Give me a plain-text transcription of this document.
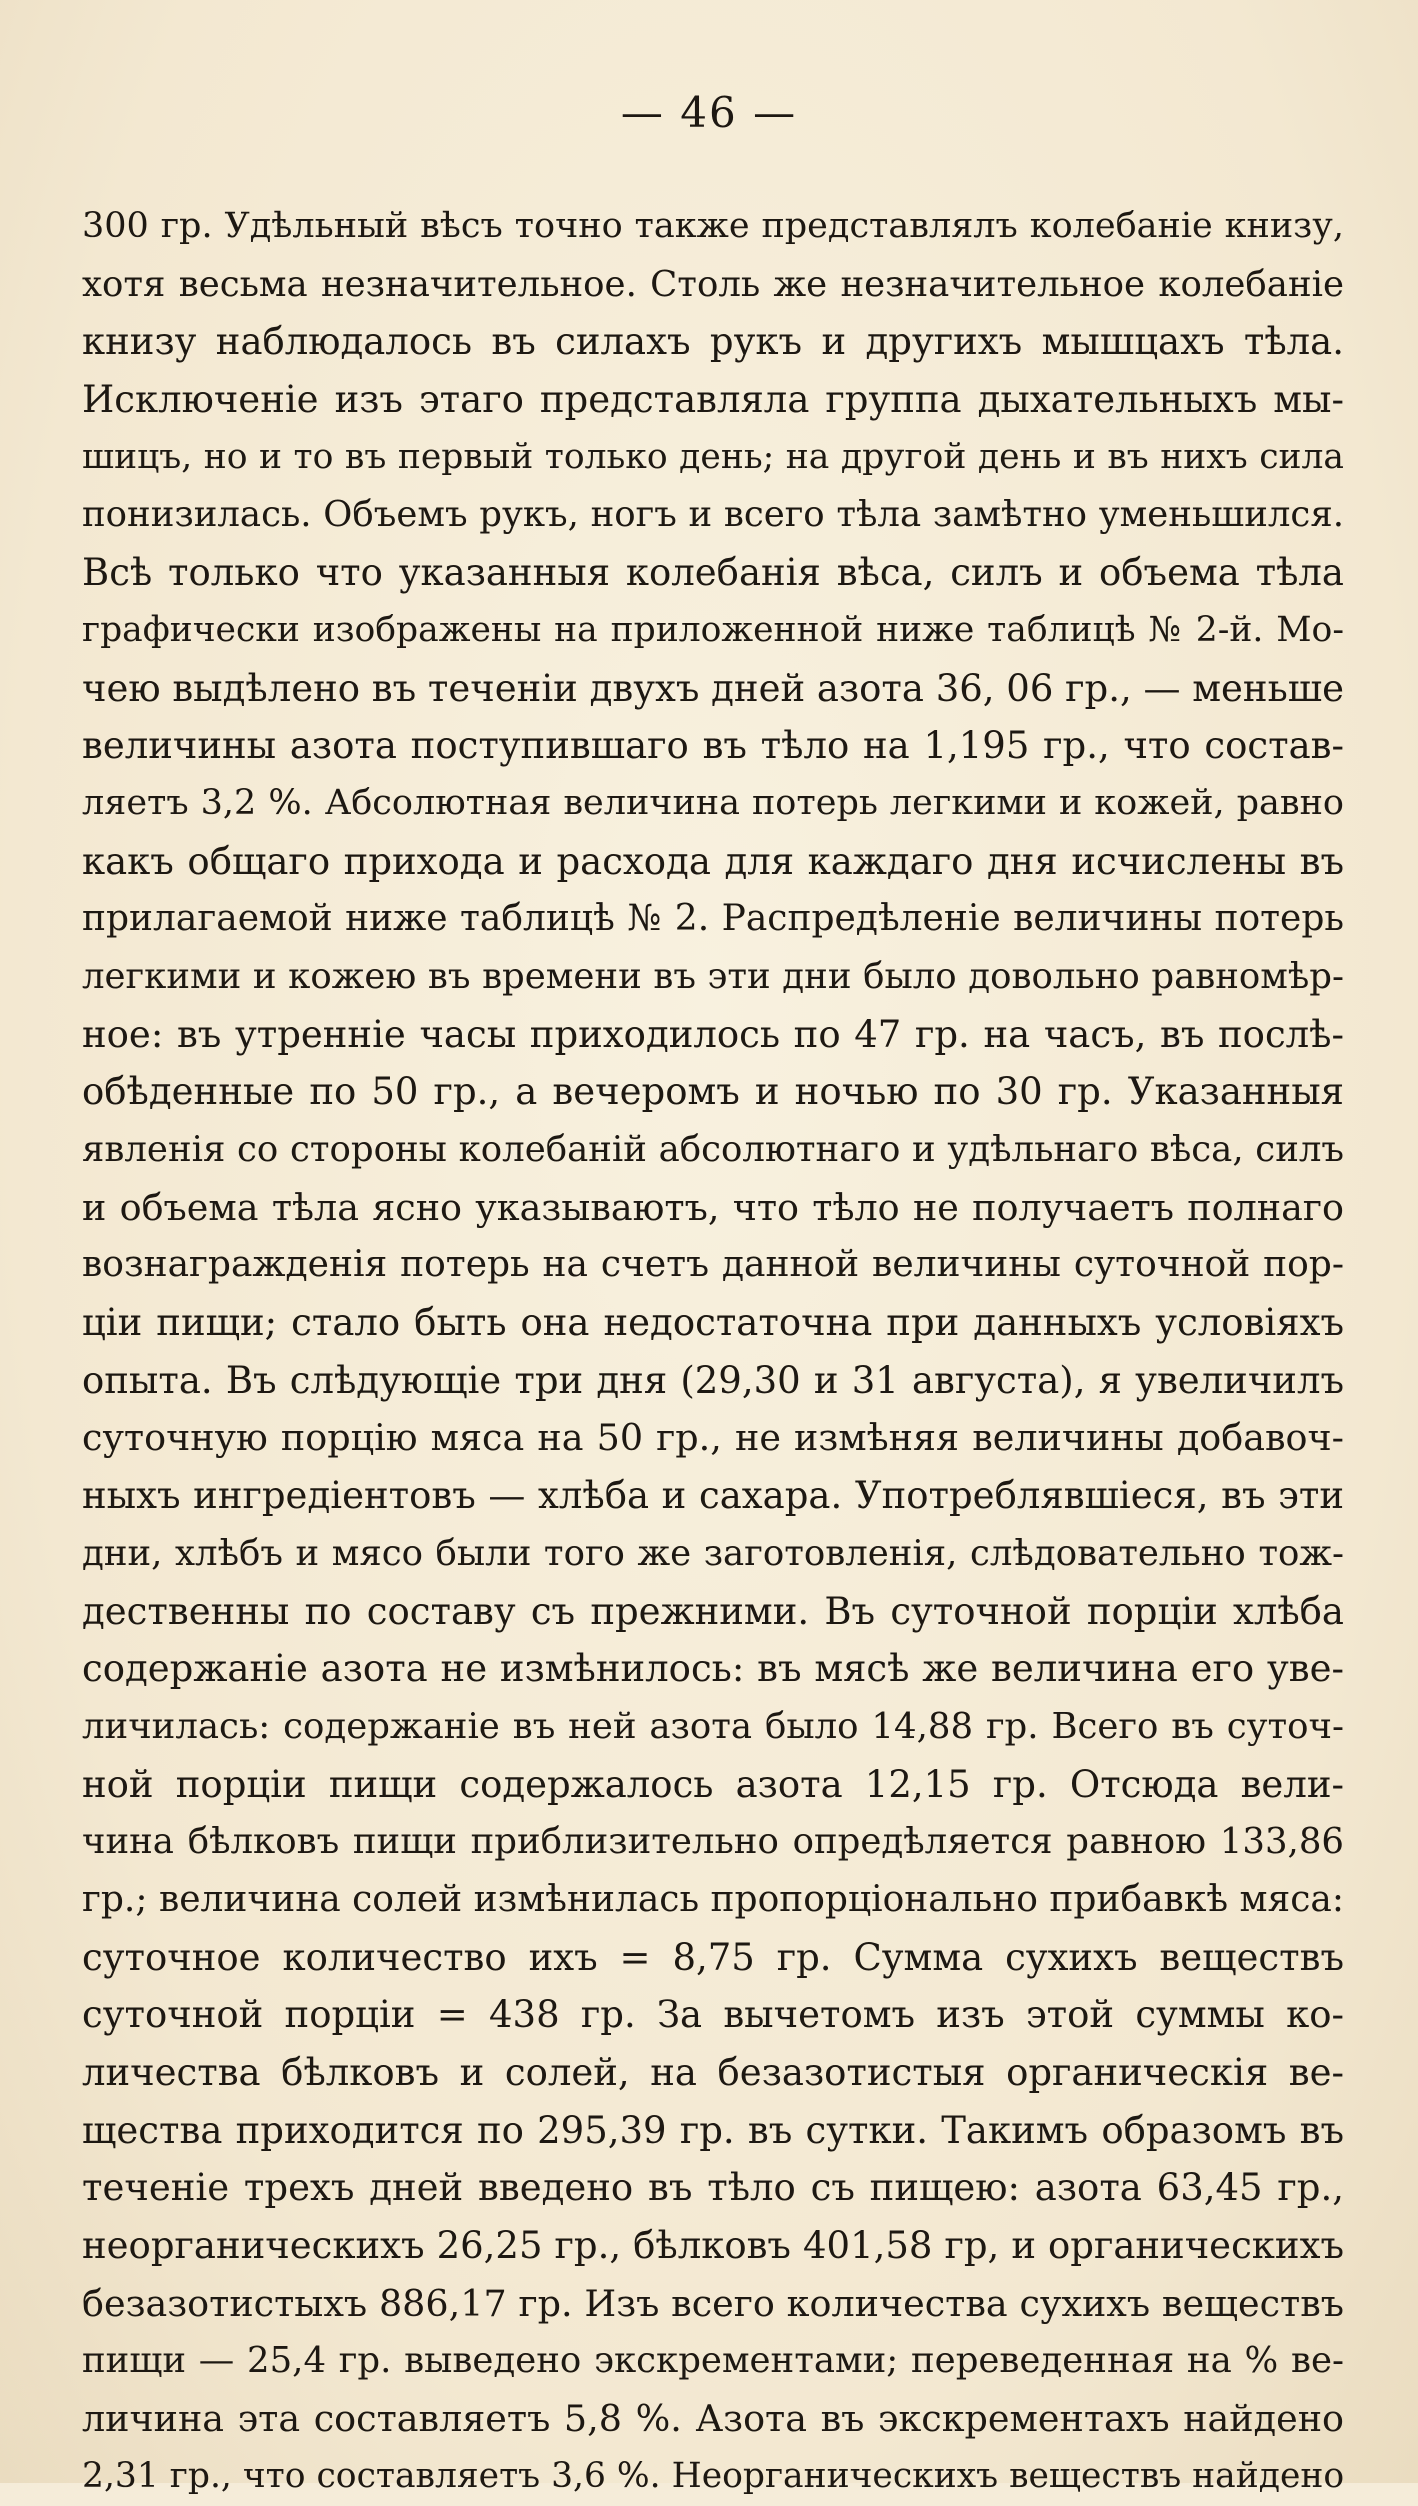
— 46 —
300 гр. Удѣльный вѣсъ точно также представлялъ колебаніе книзу,
хотя весьма незначительное. Столь же незначительное колебаніе
книзу наблюдалось въ силахъ рукъ и другихъ мышцахъ тѣла.
Исключеніе изъ этаго представляла группа дыхательныхъ мы-
шицъ, но и то въ первый только день; на другой день и въ нихъ сила
понизилась. Объемъ рукъ, ногъ и всего тѣла замѣтно уменьшился.
Всѣ только что указанныя колебанія вѣса, силъ и объема тѣла
графически изображены на приложенной ниже таблицѣ № 2-й. Мо-
чею выдѣлено въ теченіи двухъ дней азота 36, 06 гр., — меньше
величины азота поступившаго въ тѣло на 1,195 гр., что состав-
ляетъ 3,2 %. Абсолютная величина потерь легкими и кожей, равно
какъ общаго прихода и расхода для каждаго дня исчислены въ
прилагаемой ниже таблицѣ № 2. Распредѣленіе величины потерь
легкими и кожею въ времени въ эти дни было довольно равномѣр-
ное: въ утренніе часы приходилось по 47 гр. на часъ, въ послѣ-
обѣденные по 50 гр., а вечеромъ и ночью по 30 гр. Указанныя
явленія со стороны колебаній абсолютнаго и удѣльнаго вѣса, силъ
и объема тѣла ясно указываютъ, что тѣло не получаетъ полнаго
вознагражденія потерь на счетъ данной величины суточной пор-
ціи пищи; стало быть она недостаточна при данныхъ условіяхъ
опыта. Въ слѣдующіе три дня (29,30 и 31 августа), я увеличилъ
суточную порцію мяса на 50 гр., не измѣняя величины добавоч-
ныхъ ингредіентовъ — хлѣба и сахара. Употреблявшіеся, въ эти
дни, хлѣбъ и мясо были того же заготовленія, слѣдовательно тож-
дественны по составу съ прежними. Въ суточной порціи хлѣба
содержаніе азота не измѣнилось: въ мясѣ же величина его уве-
личилась: содержаніе въ ней азота было 14,88 гр. Всего въ суточ-
ной порціи пищи содержалось азота 12,15 гр. Отсюда вели-
чина бѣлковъ пищи приблизительно опредѣляется равною 133,86
гр.; величина солей измѣнилась пропорціонально прибавкѣ мяса:
суточное количество ихъ = 8,75 гр. Сумма сухихъ веществъ
суточной порціи = 438 гр. За вычетомъ изъ этой суммы ко-
личества бѣлковъ и солей, на безазотистыя органическія ве-
щества приходится по 295,39 гр. въ сутки. Такимъ образомъ въ
теченіе трехъ дней введено въ тѣло съ пищею: азота 63,45 гр.,
неорганическихъ 26,25 гр., бѣлковъ 401,58 гр, и органическихъ
безазотистыхъ 886,17 гр. Изъ всего количества сухихъ веществъ
пищи — 25,4 гр. выведено экскрементами; переведенная на % ве-
личина эта составляетъ 5,8 %. Азота въ экскрементахъ найдено
2,31 гр., что составляетъ 3,6 %. Неорганическихъ веществъ найдено
